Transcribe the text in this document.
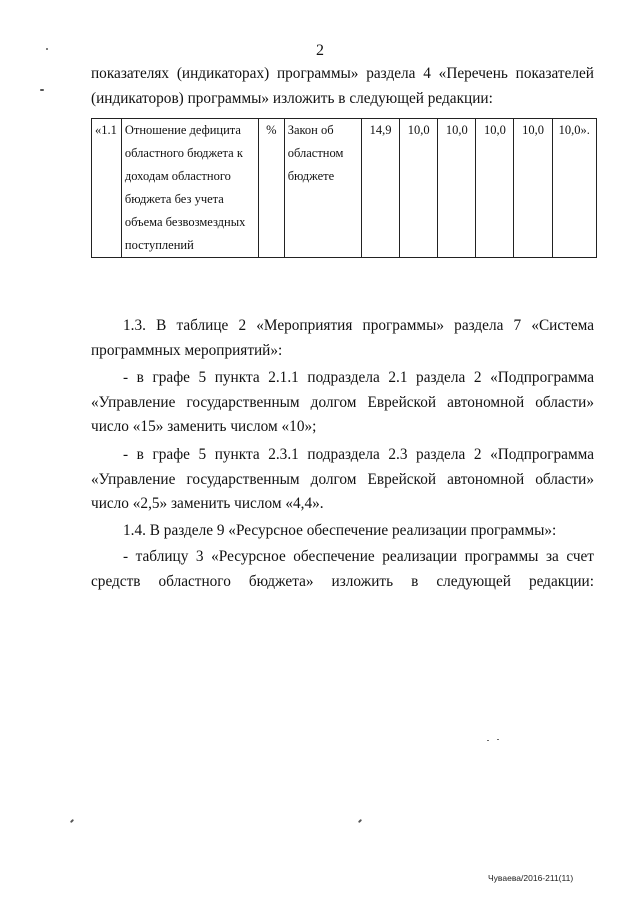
2
показателях (индикаторах) программы» раздела 4 «Перечень показателей (индикаторов) программы» изложить в следующей редакции:
«1.1	Отношение дефицита областного бюджета к доходам областного бюджета без учета объема безвозмездных поступлений	%	Закон об областном бюджете	14,9	10,0	10,0	10,0	10,0	10,0».
1.3. В таблице 2 «Мероприятия программы» раздела 7 «Система программных мероприятий»:
- в графе 5 пункта 2.1.1 подраздела 2.1 раздела 2 «Подпрограмма «Управление государственным долгом Еврейской автономной области» число «15» заменить числом «10»;
- в графе 5 пункта 2.3.1 подраздела 2.3 раздела 2 «Подпрограмма «Управление государственным долгом Еврейской автономной области» число «2,5» заменить числом «4,4».
1.4. В разделе 9 «Ресурсное обеспечение реализации программы»:
- таблицу 3 «Ресурсное обеспечение реализации программы за счет средств областного бюджета» изложить в следующей редакции:
Чувaева/2016-211(11)
